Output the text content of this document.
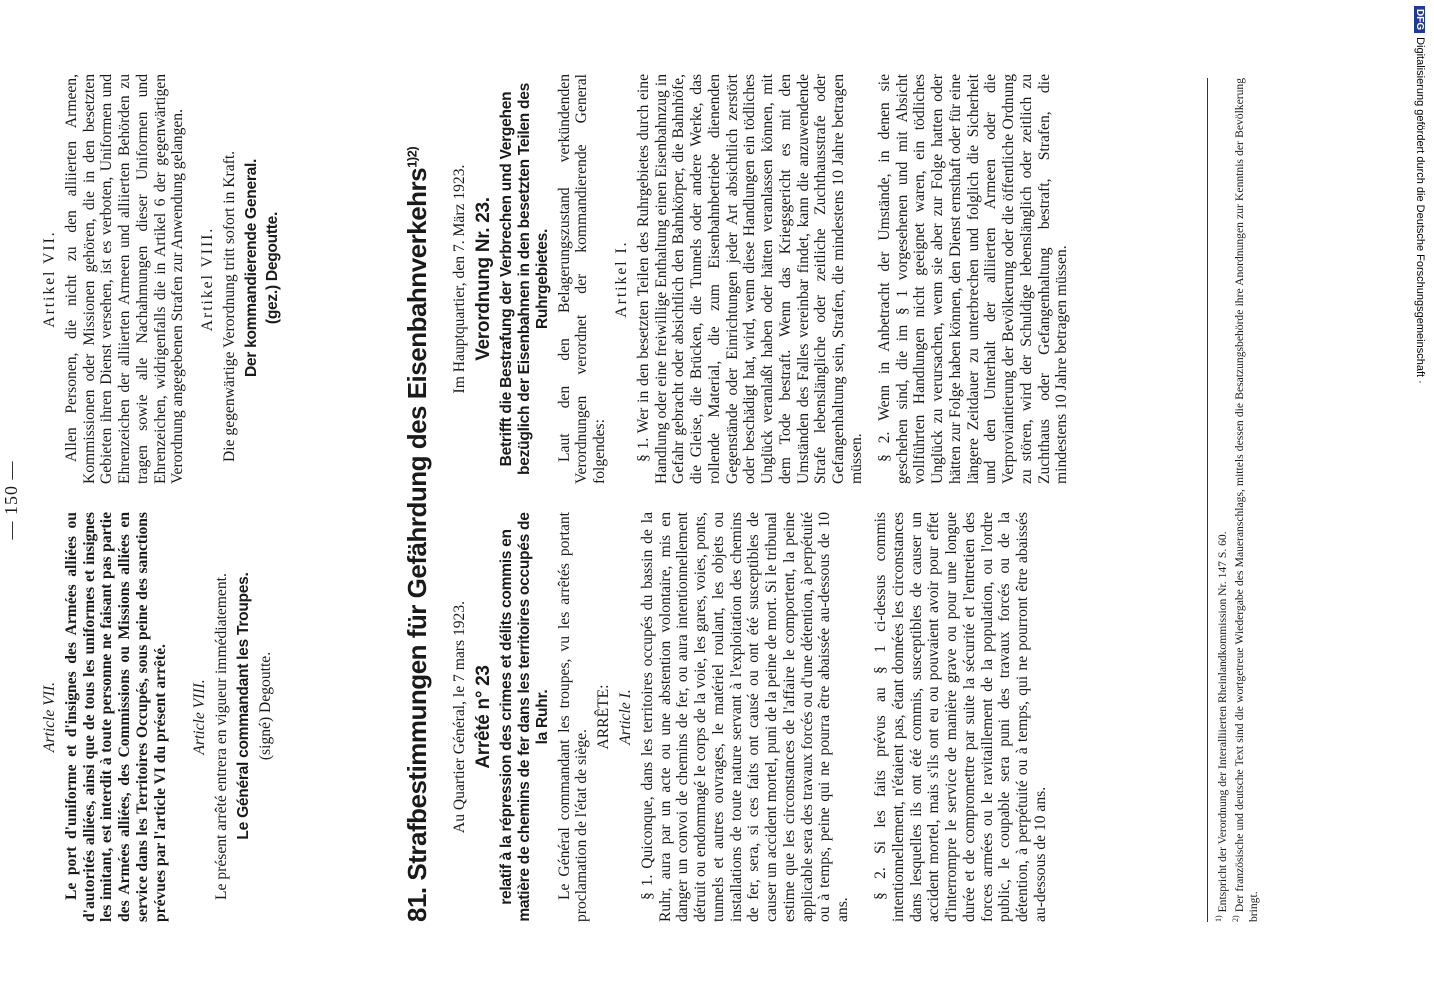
— 150 —

Article VII. Le port d'uniforme et d'insignes des Armées alliées ou d'autorités alliées, ainsi que de tous les uniformes et insignes les imitant, est interdit à toute personne ne faisant pas partie des Armées alliées, des Commissions ou Missions alliées en service dans les Territoires Occupés, sous peine des sanctions prévues par l'article VI du présent arrêté. Article VIII. Le présent arrêté entrera en vigueur immédiatement. Le Général commandant les Troupes. (signé) Degoutte.

Artikel VII. Allen Personen, die nicht zu den alliierten Armeen, Kommissionen oder Missionen gehören, die in den besetzten Gebieten ihren Dienst versehen, ist es verboten, Uniformen und Ehrenzeichen der alliierten Armeen und alliierten Behörden zu tragen sowie alle Nachahmungen dieser Uniformen und Ehrenzeichen, widrigenfalls die in Artikel 6 der gegenwärtigen Verordnung angegebenen Strafen zur Anwendung gelangen. Artikel VIII. Die gegenwärtige Verordnung tritt sofort in Kraft. Der kommandierende General. (gez.) Degoutte.

81. Strafbestimmungen für Gefährdung des Eisenbahnverkehrs$^{1)2)}$

Au Quartier Général, le 7 mars 1923. Arrêté n° 23 relatif à la répression des crimes et délits commis en matière de chemins de fer dans les territoires occupés de la Ruhr. Le Général commandant les troupes, vu les arrêtés portant proclamation de l'état de siège.

ARRÊTE: Article I. § 1. Quiconque, dans les territoires occupés du bassin de la Ruhr, aura par un acte ou une abstention volontaire, mis en danger un convoi de chemins de fer, ou aura intentionnellement détruit ou endommagé le corps de la voie, les gares, voies, ponts, tunnels et autres ouvrages, le matériel roulant, les objets ou installations de toute nature servant à l'exploitation des chemins de fer, sera, si ces faits ont causé ou ont été susceptibles de causer un accident mortel, puni de la peine de mort. Si le tribunal estime que les circonstances de l'affaire le comportent, la peine applicable sera des travaux forcés ou d'une détention, à perpétuité ou à temps, peine qui ne pourra être abaissée au-dessous de 10 ans.

§ 2. Si les faits prévus au § 1 ci-dessus commis intentionnellement, n'étaient pas, étant données les circonstances dans lesquelles ils ont été commis, susceptibles de causer un accident mortel, mais s'ils ont eu ou pouvaient avoir pour effet d'interrompre le service de manière grave ou pour une longue durée et de compromettre par suite la sécurité et l'entretien des forces armées ou le ravitaillement de la population, ou l'ordre public, le coupable sera puni des travaux forcés ou de la détention, à perpétuité ou à temps, qui ne pourront être abaissés au-dessous de 10 ans.

Im Hauptquartier, den 7. März 1923. Verordnung Nr. 23. Betrifft die Bestrafung der Verbrechen und Vergehen bezüglich der Eisenbahnen in den besetzten Teilen des Ruhrgebietes. Laut den den Belagerungszustand verkündenden Verordnungen verordnet der kommandierende General folgendes:

Artikel I. § 1. Wer in den besetzten Teilen des Ruhrgebietes durch eine Handlung oder eine freiwillige Enthaltung einen Eisenbahnzug in Gefahr gebracht oder absichtlich den Bahnkörper, die Bahnhöfe, die Gleise, die Brücken, die Tunnels oder andere Werke, das rollende Material, die zum Eisenbahnbetriebe dienenden Gegenstände oder Einrichtungen jeder Art absichtlich zerstört oder beschädigt hat, wird, wenn diese Handlungen ein tödliches Unglück veranlaßt haben oder hätten veranlassen können, mit dem Tode bestraft. Wenn das Kriegsgericht es mit den Umständen des Falles vereinbar findet, kann die anzuwendende Strafe lebenslängliche oder zeitliche Zuchthausstrafe oder Gefangenhaltung sein, Strafen, die mindestens 10 Jahre betragen müssen. § 2. Wenn in Anbetracht der Umstände, in denen sie geschehen sind, die im § 1 vorgesehenen und mit Absicht vollführten Handlungen nicht geeignet waren, ein tödliches Unglück zu verursachen, wenn sie aber zur Folge hatten oder hätten zur Folge haben können, den Dienst ernsthaft oder für eine längere Zeitdauer zu unterbrechen und folglich die Sicherheit und den Unterhalt der alliierten Armeen oder die Verproviantierung der Bevölkerung oder die öffentliche Ordnung zu stören, wird der Schuldige lebenslänglich oder zeitlich zu Zuchthaus oder Gefangenhaltung bestraft, Strafen, die mindestens 10 Jahre betragen müssen.

$^{1)}$ Entspricht der Verordnung der Interalliierten Rheinlandkommission Nr. 147 S. 60.

$^{2)}$ Der französische und deutsche Text sind die wortgetreue Wiedergabe des Maueranschlags, mittels dessen die Besatzungsbehörde ihre Anordnungen zur Kenntnis der Bevölkerung bringt.

DFGDigitalisierung gefördert durch die Deutsche Forschungsgemeinschaft ·
